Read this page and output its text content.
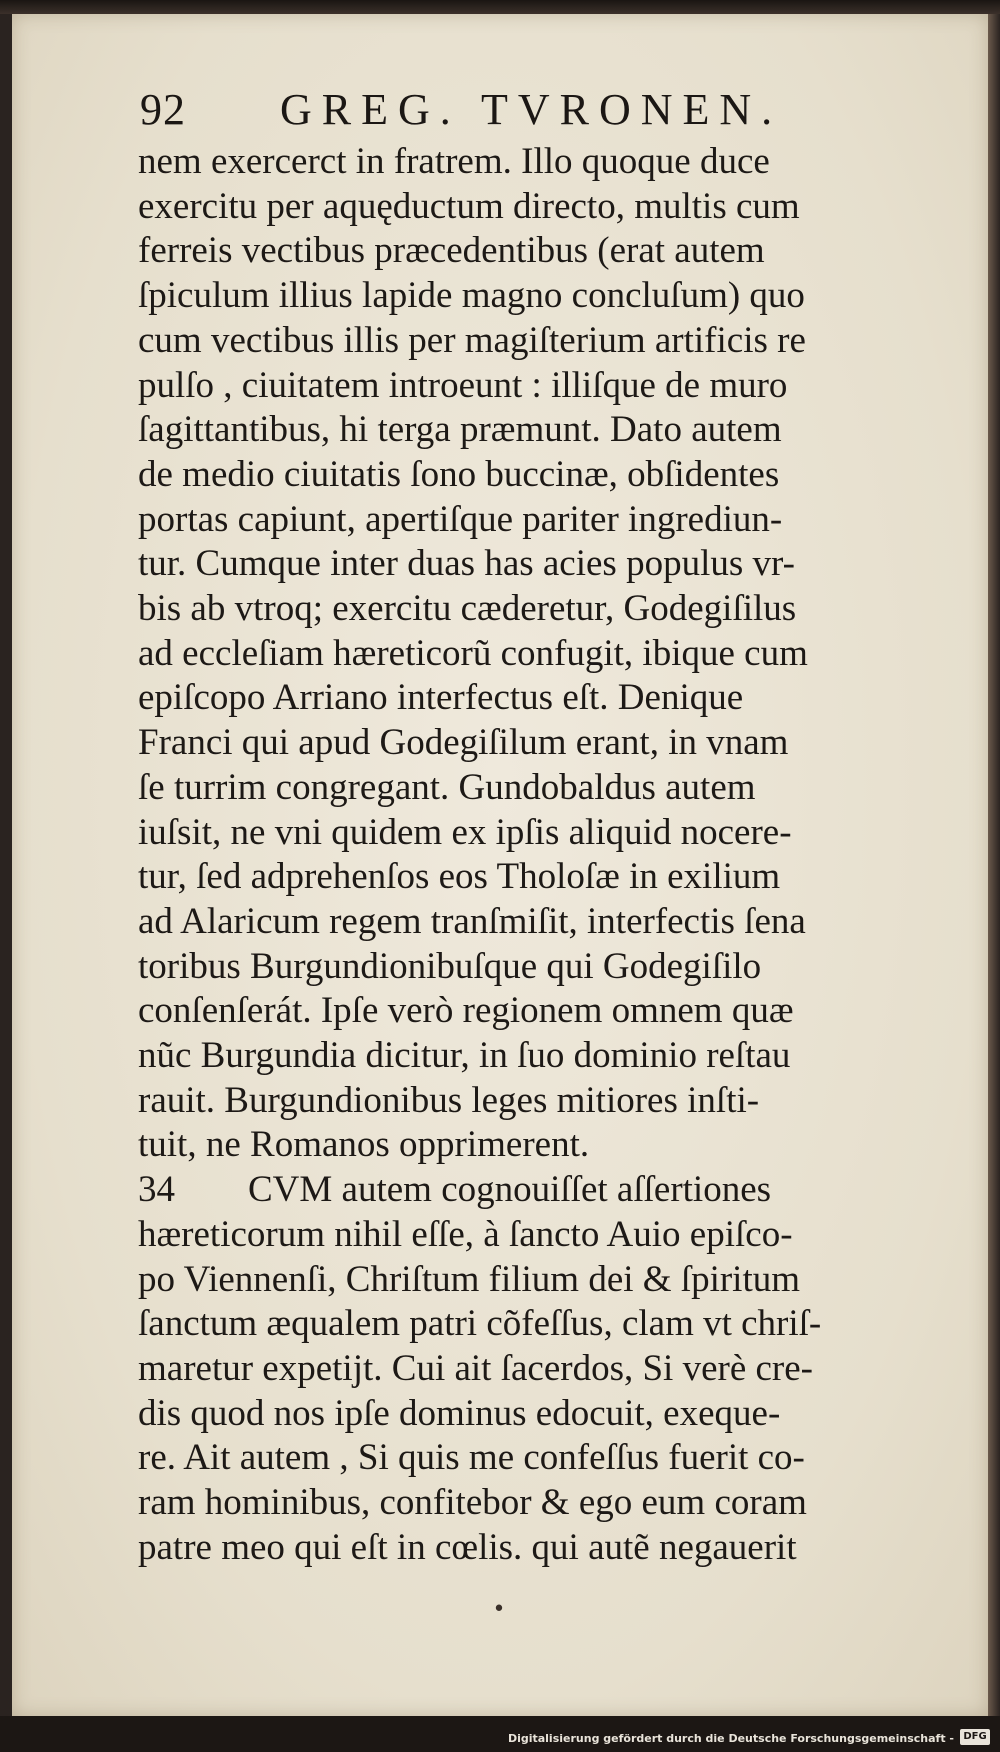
92 GREG. TVRONEN.
nem exercerct in fratrem. Illo quoque duce
exercitu per aquęductum directo, multis cum
ferreis vectibus præcedentibus (erat autem
ſpiculum illius lapide magno concluſum) quo
cum vectibus illis per magiſterium artificis re
pulſo , ciuitatem introeunt : illiſque de muro
ſagittantibus, hi terga præmunt. Dato autem
de medio ciuitatis ſono buccinæ, obſidentes
portas capiunt, apertiſque pariter ingrediun-
tur. Cumque inter duas has acies populus vr-
bis ab vtroq; exercitu cæderetur, Godegiſilus
ad eccleſiam hæreticorũ confugit, ibique cum
epiſcopo Arriano interfectus eſt. Denique
Franci qui apud Godegiſilum erant, in vnam
ſe turrim congregant. Gundobaldus autem
iuſsit, ne vni quidem ex ipſis aliquid nocere-
tur, ſed adprehenſos eos Tholoſæ in exilium
ad Alaricum regem tranſmiſit, interfectis ſena
toribus Burgundionibuſque qui Godegiſilo
conſenſerát. Ipſe verò regionem omnem quæ
nũc Burgundia dicitur, in ſuo dominio reſtau
rauit. Burgundionibus leges mitiores inſti-
tuit, ne Romanos opprimerent.
34 CVM autem cognouiſſet aſſertiones
hæreticorum nihil eſſe, à ſancto Auio epiſco-
po Viennenſi, Chriſtum filium dei & ſpiritum
ſanctum æqualem patri cõfeſſus, clam vt chriſ-
maretur expetijt. Cui ait ſacerdos, Si verè cre-
dis quod nos ipſe dominus edocuit, exeque-
re. Ait autem , Si quis me confeſſus fuerit co-
ram hominibus, confitebor & ego eum coram
patre meo qui eſt in cœlis. qui autẽ negauerit
•
Digitalisierung gefördert durch die Deutsche Forschungsgemeinschaft - DFG
